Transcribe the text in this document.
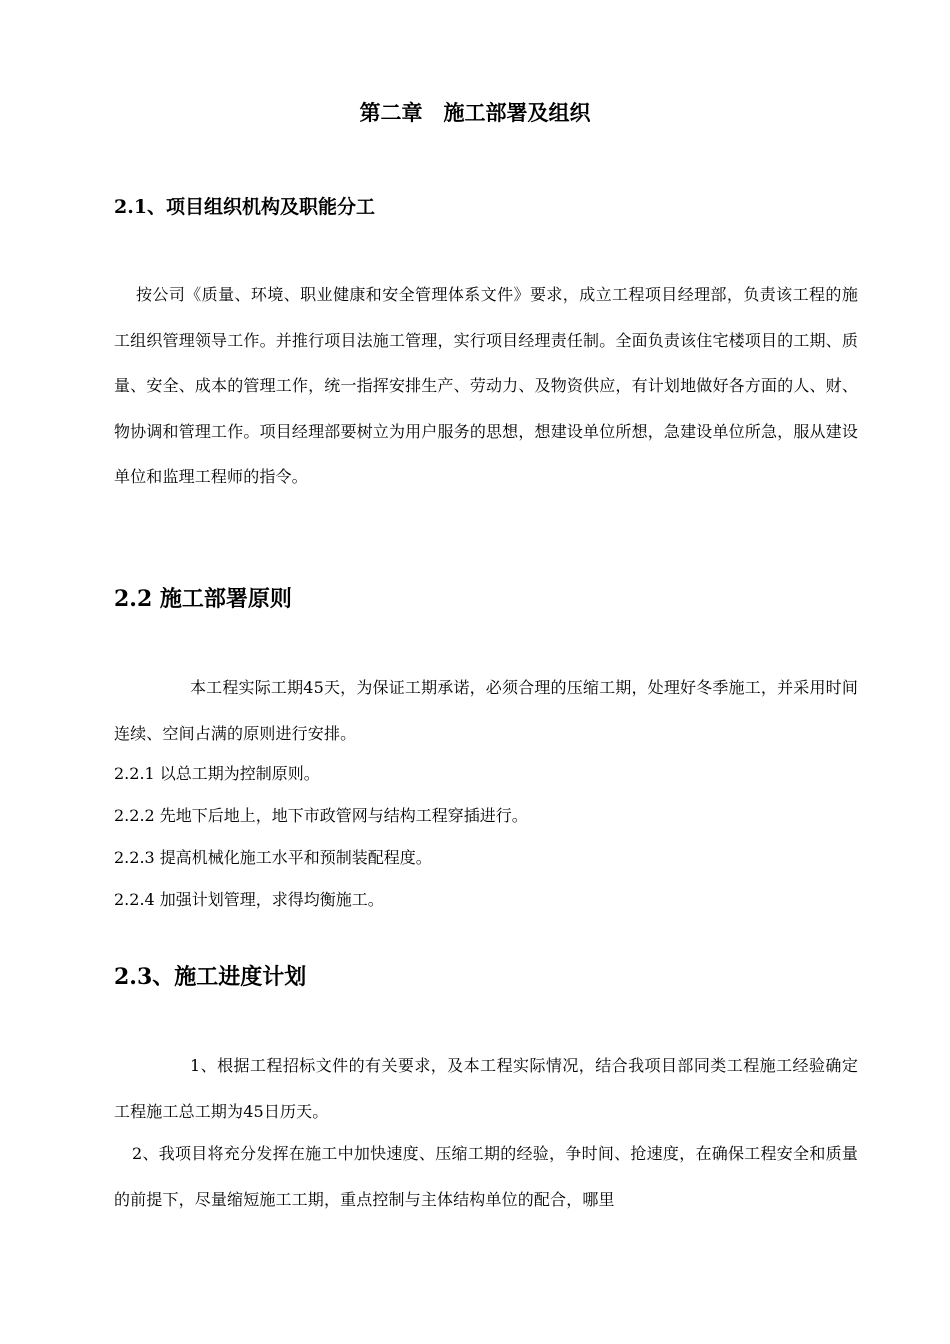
第二章　施工部署及组织
2.1、项目组织机构及职能分工
按公司《质量、环境、职业健康和安全管理体系文件》要求，成立工程项目经理部，负责该工程的施工组织管理领导工作。并推行项目法施工管理，实行项目经理责任制。全面负责该住宅楼项目的工期、质量、安全、成本的管理工作，统一指挥安排生产、劳动力、及物资供应，有计划地做好各方面的人、财、物协调和管理工作。项目经理部要树立为用户服务的思想，想建设单位所想，急建设单位所急，服从建设单位和监理工程师的指令。
2.2 施工部署原则
本工程实际工期45天，为保证工期承诺，必须合理的压缩工期，处理好冬季施工，并采用时间连续、空间占满的原则进行安排。
2.2.1 以总工期为控制原则。
2.2.2 先地下后地上，地下市政管网与结构工程穿插进行。
2.2.3 提高机械化施工水平和预制装配程度。
2.2.4 加强计划管理，求得均衡施工。
2.3、施工进度计划
1、根据工程招标文件的有关要求，及本工程实际情况，结合我项目部同类工程施工经验确定工程施工总工期为45日历天。
2、我项目将充分发挥在施工中加快速度、压缩工期的经验，争时间、抢速度，在确保工程安全和质量的前提下，尽量缩短施工工期，重点控制与主体结构单位的配合，哪里
